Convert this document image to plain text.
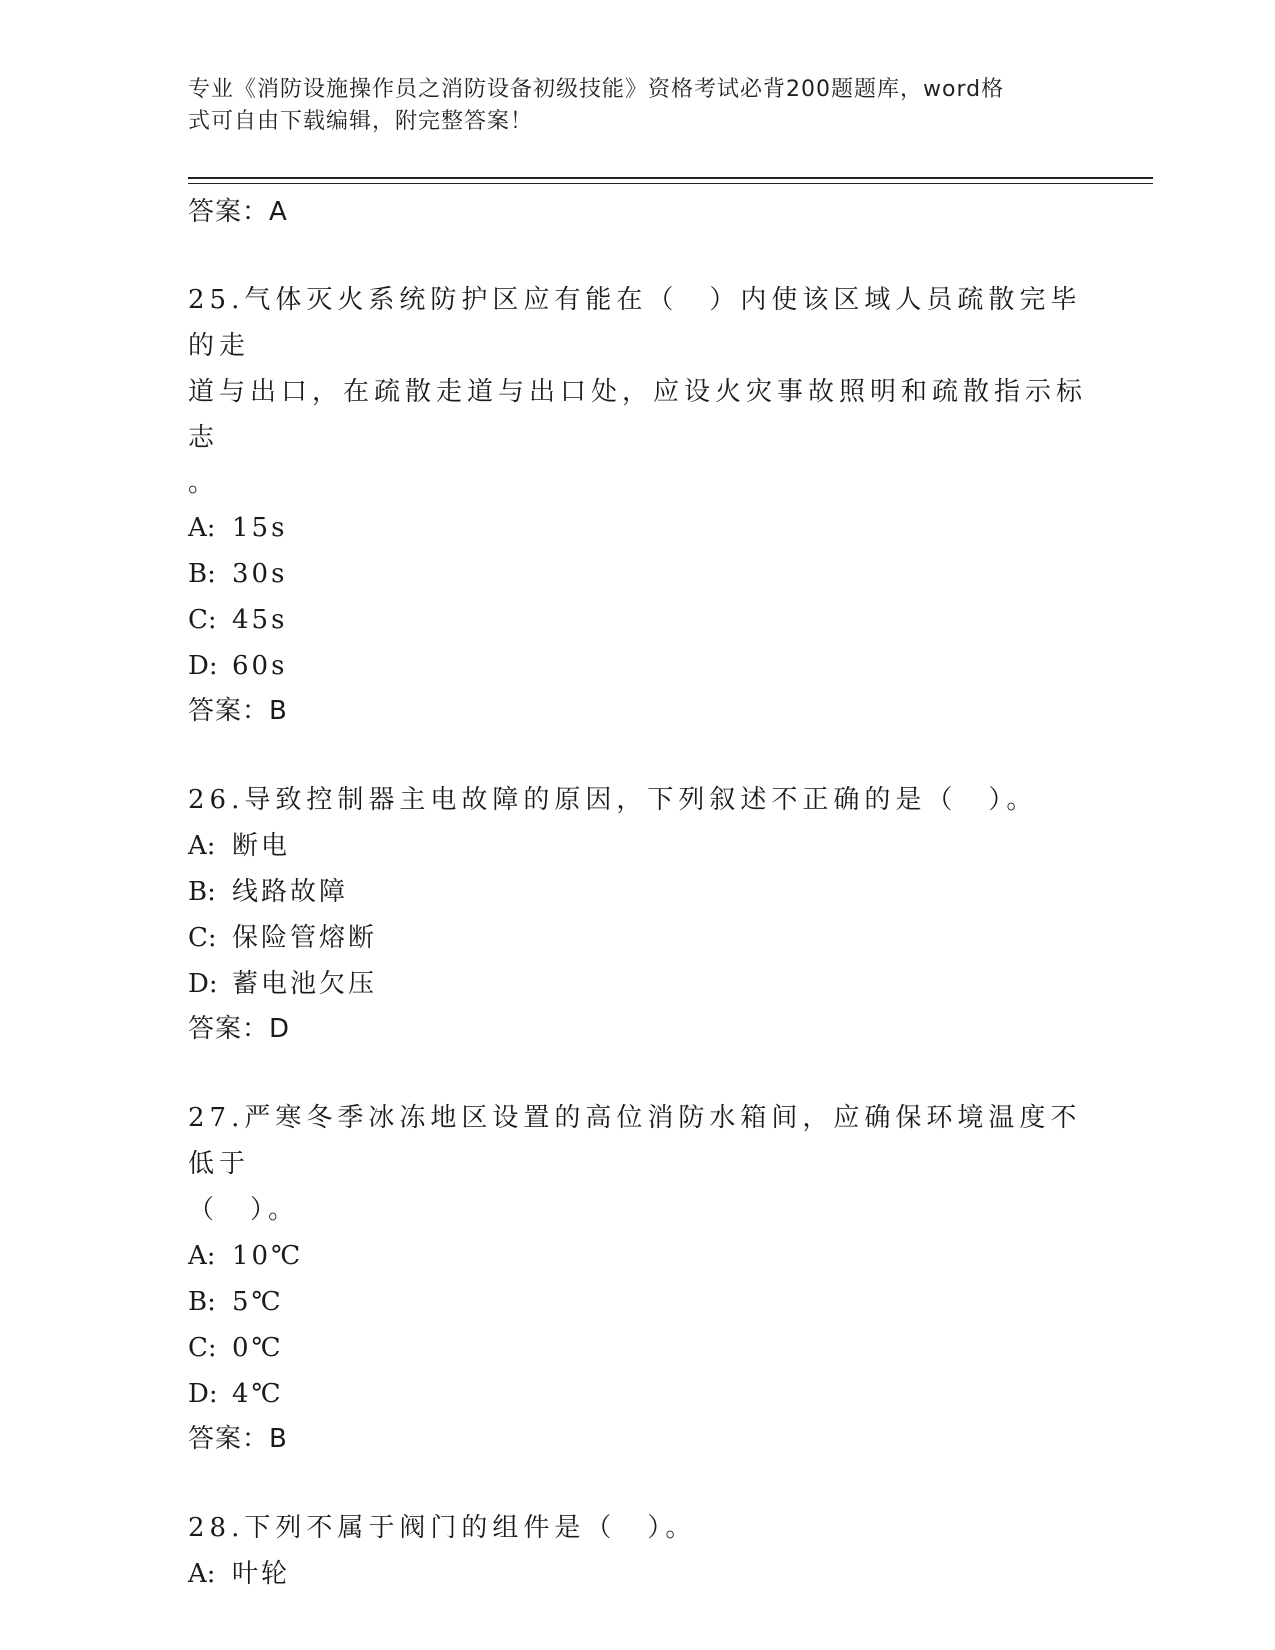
专业《消防设施操作员之消防设备初级技能》资格考试必背200题题库，word格
式可自由下载编辑，附完整答案！
答案：A
25.气体灭火系统防护区应有能在（　）内使该区域人员疏散完毕的走
道与出口，在疏散走道与出口处，应设火灾事故照明和疏散指示标志
。
A: 15s
B: 30s
C: 45s
D: 60s
答案：B
26.导致控制器主电故障的原因，下列叙述不正确的是（　）。
A: 断电
B: 线路故障
C: 保险管熔断
D: 蓄电池欠压
答案：D
27.严寒冬季冰冻地区设置的高位消防水箱间，应确保环境温度不低于
（　）。
A: 10℃
B: 5℃
C: 0℃
D: 4℃
答案：B
28.下列不属于阀门的组件是（　）。
A: 叶轮
